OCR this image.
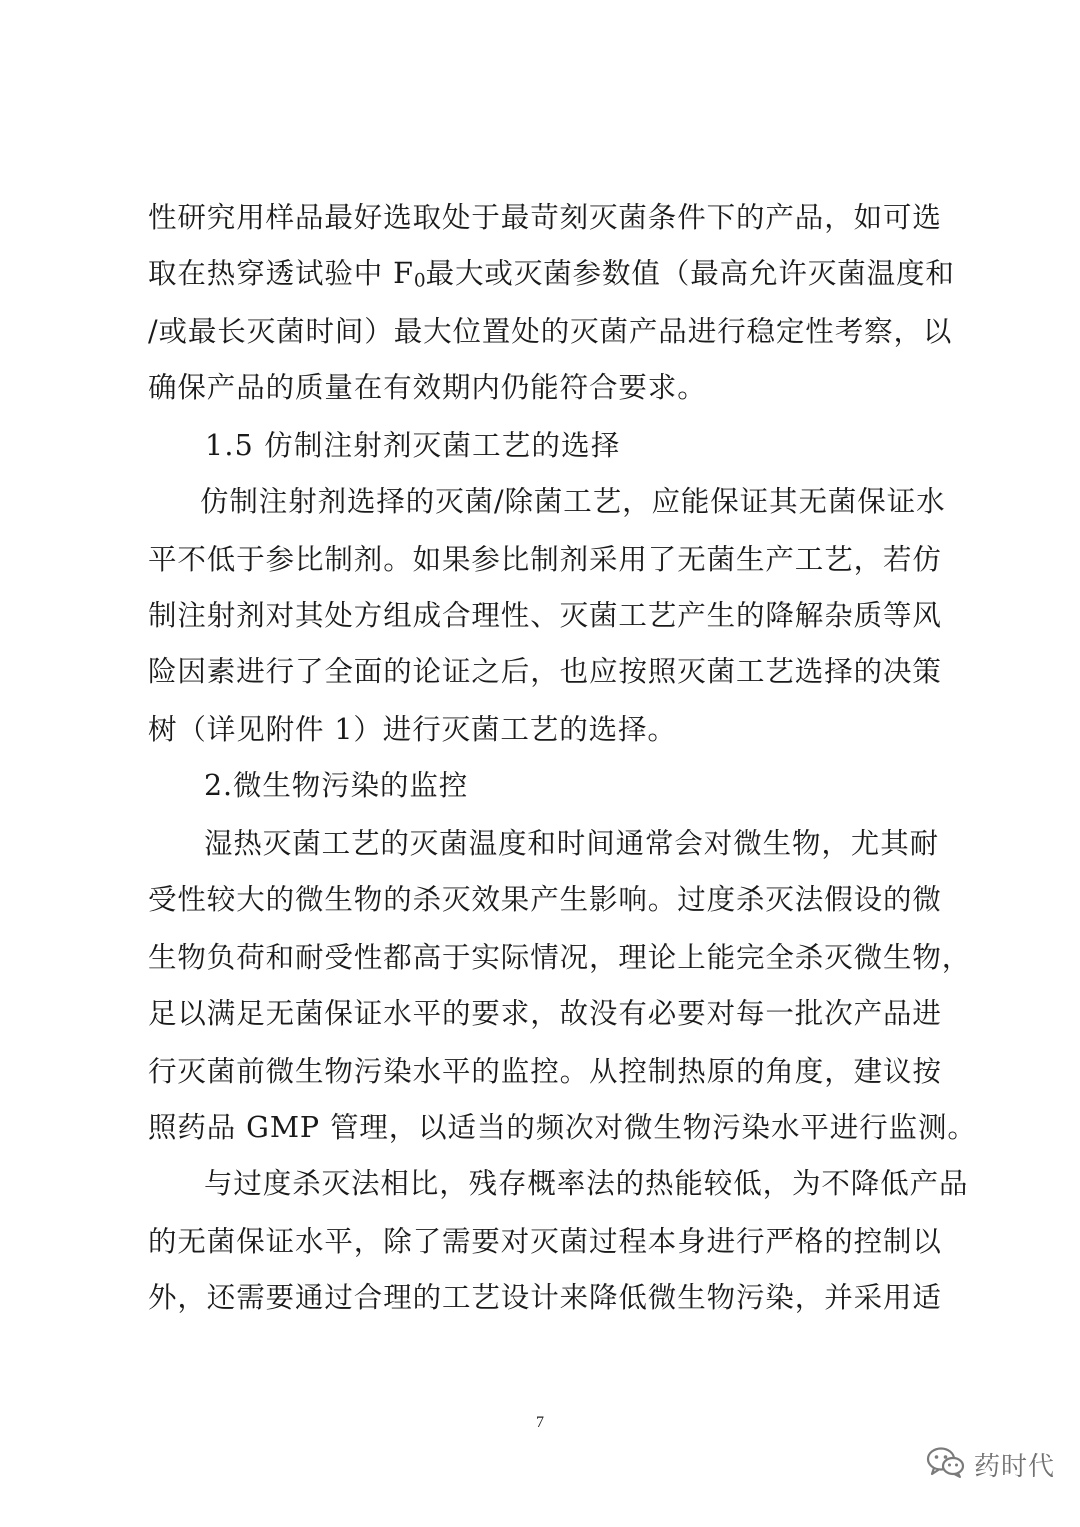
性研究用样品最好选取处于最苛刻灭菌条件下的产品，如可选
取在热穿透试验中 $F_0$最大或灭菌参数值（最高允许灭菌温度和
/或最长灭菌时间）最大位置处的灭菌产品进行稳定性考察，以
确保产品的质量在有效期内仍能符合要求。
1.5 仿制注射剂灭菌工艺的选择
仿制注射剂选择的灭菌/除菌工艺，应能保证其无菌保证水
平不低于参比制剂。如果参比制剂采用了无菌生产工艺，若仿
制注射剂对其处方组成合理性、灭菌工艺产生的降解杂质等风
险因素进行了全面的论证之后，也应按照灭菌工艺选择的决策
树（详见附件 1）进行灭菌工艺的选择。
2.微生物污染的监控
湿热灭菌工艺的灭菌温度和时间通常会对微生物，尤其耐
受性较大的微生物的杀灭效果产生影响。过度杀灭法假设的微
生物负荷和耐受性都高于实际情况，理论上能完全杀灭微生物，
足以满足无菌保证水平的要求，故没有必要对每一批次产品进
行灭菌前微生物污染水平的监控。从控制热原的角度，建议按
照药品 GMP 管理，以适当的频次对微生物污染水平进行监测。
与过度杀灭法相比，残存概率法的热能较低，为不降低产品
的无菌保证水平，除了需要对灭菌过程本身进行严格的控制以
外，还需要通过合理的工艺设计来降低微生物污染，并采用适
7
药时代
